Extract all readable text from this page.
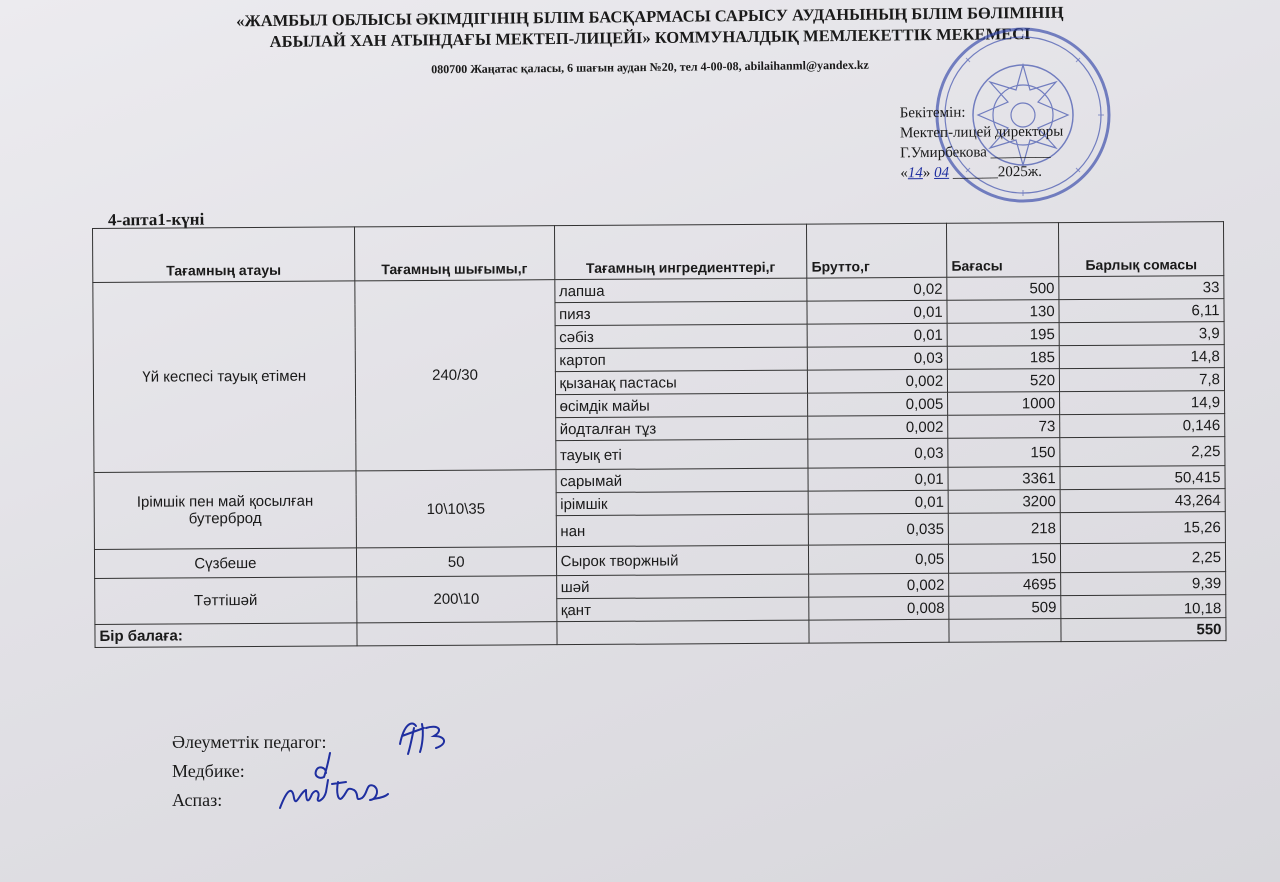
«ЖАМБЫЛ ОБЛЫСЫ ӘКІМДІГІНІҢ БІЛІМ БАСҚАРМАСЫ САРЫСУ АУДАНЫНЫҢ БІЛІМ БӨЛІМІНІҢ
АБЫЛАЙ ХАН АТЫНДАҒЫ МЕКТЕП-ЛИЦЕЙІ» КОММУНАЛДЫҚ МЕМЛЕКЕТТІК МЕКЕМЕСІ
080700 Жаңатас қаласы, 6 шағын аудан №20, тел 4-00-08, abilaihanml@yandex.kz
Бекітемін:
Мектеп-лицей директоры
Г.Умирбекова ________
«14» 04 ______2025ж.
4-апта1-күні
Тағамның атауы	Тағамның шығымы,г	Тағамның ингредиенттері,г	Брутто,г	Бағасы	Барлық сомасы
Үй кеспесі тауық етімен	240/30	лапша	0,02	500	33
		пияз	0,01	130	6,11
		сәбіз	0,01	195	3,9
		картоп	0,03	185	14,8
		қызанақ пастасы	0,002	520	7,8
		өсімдік майы	0,005	1000	14,9
		йодталған тұз	0,002	73	0,146
		тауық еті	0,03	150	2,25
Ірімшік пен май қосылған бутерброд	10\10\35	сарымай	0,01	3361	50,415
		ірімшік	0,01	3200	43,264
		нан	0,035	218	15,26
Сүзбеше	50	Сырок творжный	0,05	150	2,25
Тәттішәй	200\10	шәй	0,002	4695	9,39
		қант	0,008	509	10,18
Бір балаға:					550
Әлеуметтік педагог:
Медбике:
Аспаз:
